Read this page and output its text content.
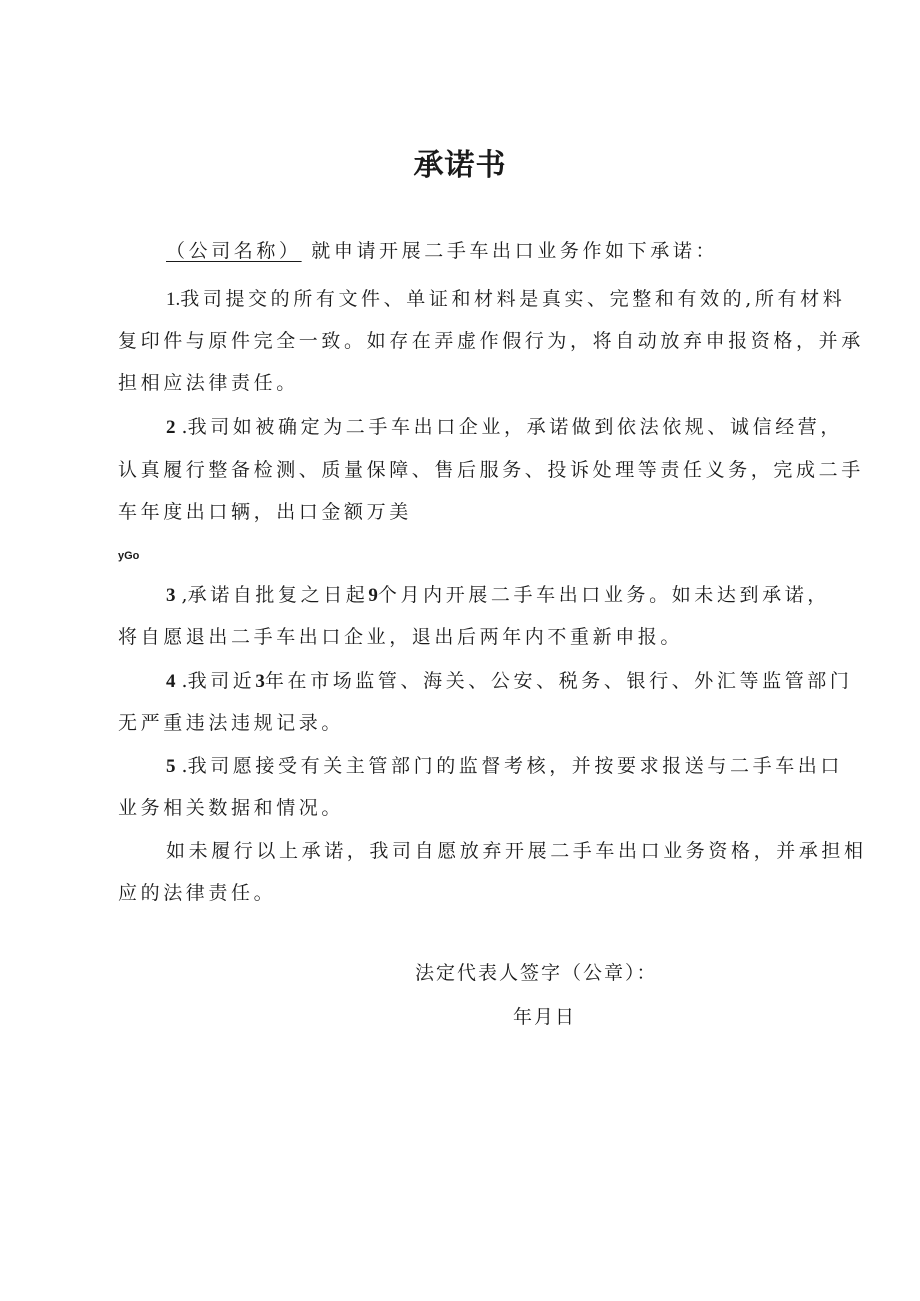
承诺书
（公司名称） 就申请开展二手车出口业务作如下承诺：
1.我司提交的所有文件、单证和材料是真实、完整和有效的,所有材料
复印件与原件完全一致。如存在弄虚作假行为，将自动放弃申报资格，并承
担相应法律责任。
2 .我司如被确定为二手车出口企业，承诺做到依法依规、诚信经营，
认真履行整备检测、质量保障、售后服务、投诉处理等责任义务，完成二手
车年度出口辆，出口金额万美
yGo
3 ,承诺自批复之日起9个月内开展二手车出口业务。如未达到承诺，
将自愿退出二手车出口企业，退出后两年内不重新申报。
4 .我司近3年在市场监管、海关、公安、税务、银行、外汇等监管部门
无严重违法违规记录。
5 .我司愿接受有关主管部门的监督考核，并按要求报送与二手车出口
业务相关数据和情况。
如未履行以上承诺，我司自愿放弃开展二手车出口业务资格，并承担相
应的法律责任。
法定代表人签字（公章）：
年月日
